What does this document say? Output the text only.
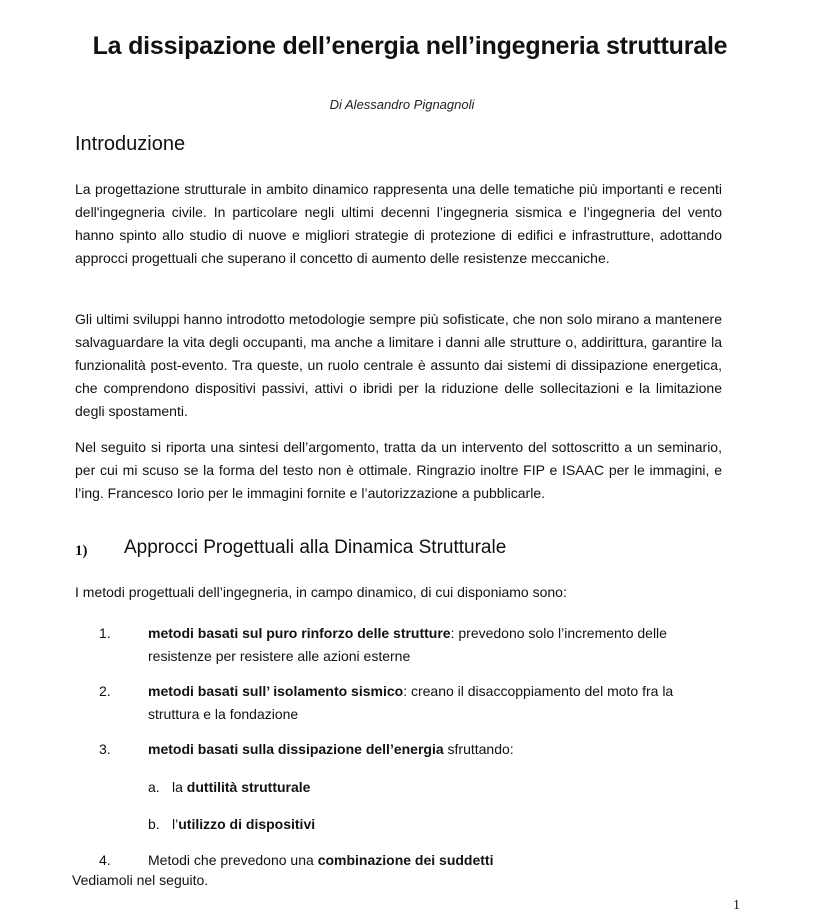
La dissipazione dell’energia nell’ingegneria strutturale
Di Alessandro Pignagnoli
Introduzione

La progettazione strutturale in ambito dinamico rappresenta una delle tematiche più importanti e recenti dell'ingegneria civile. In particolare negli ultimi decenni l’ingegneria sismica e l’ingegneria del vento hanno spinto allo studio di nuove e migliori strategie di protezione di edifici e infrastrutture, adottando approcci progettuali che superano il concetto di aumento delle resistenze meccaniche.

Gli ultimi sviluppi hanno introdotto metodologie sempre più sofisticate, che non solo mirano a mantenere salvaguardare la vita degli occupanti, ma anche a limitare i danni alle strutture o, addirittura, garantire la funzionalità post-evento. Tra queste, un ruolo centrale è assunto dai sistemi di dissipazione energetica, che comprendono dispositivi passivi, attivi o ibridi per la riduzione delle sollecitazioni e la limitazione degli spostamenti.

Nel seguito si riporta una sintesi dell’argomento, tratta da un intervento del sottoscritto a un seminario, per cui mi scuso se la forma del testo non è ottimale. Ringrazio inoltre FIP e ISAAC per le immagini, e l’ing. Francesco Iorio per le immagini fornite e l’autorizzazione a pubblicarle.

1) Approcci Progettuali alla Dinamica Strutturale

I metodi progettuali dell’ingegneria, in campo dinamico, di cui disponiamo sono:

1.	metodi basati sul puro rinforzo delle strutture: prevedono solo l’incremento delle resistenze per resistere alle azioni esterne

2.	metodi basati sull’ isolamento sismico: creano il disaccoppiamento del moto fra la struttura e la fondazione

3.	metodi basati sulla dissipazione dell’energia sfruttando:

a. la duttilità strutturale
b. l’utilizzo di dispositivi
4.	Metodi che prevedono una combinazione dei suddetti

Vediamoli nel seguito.

1
